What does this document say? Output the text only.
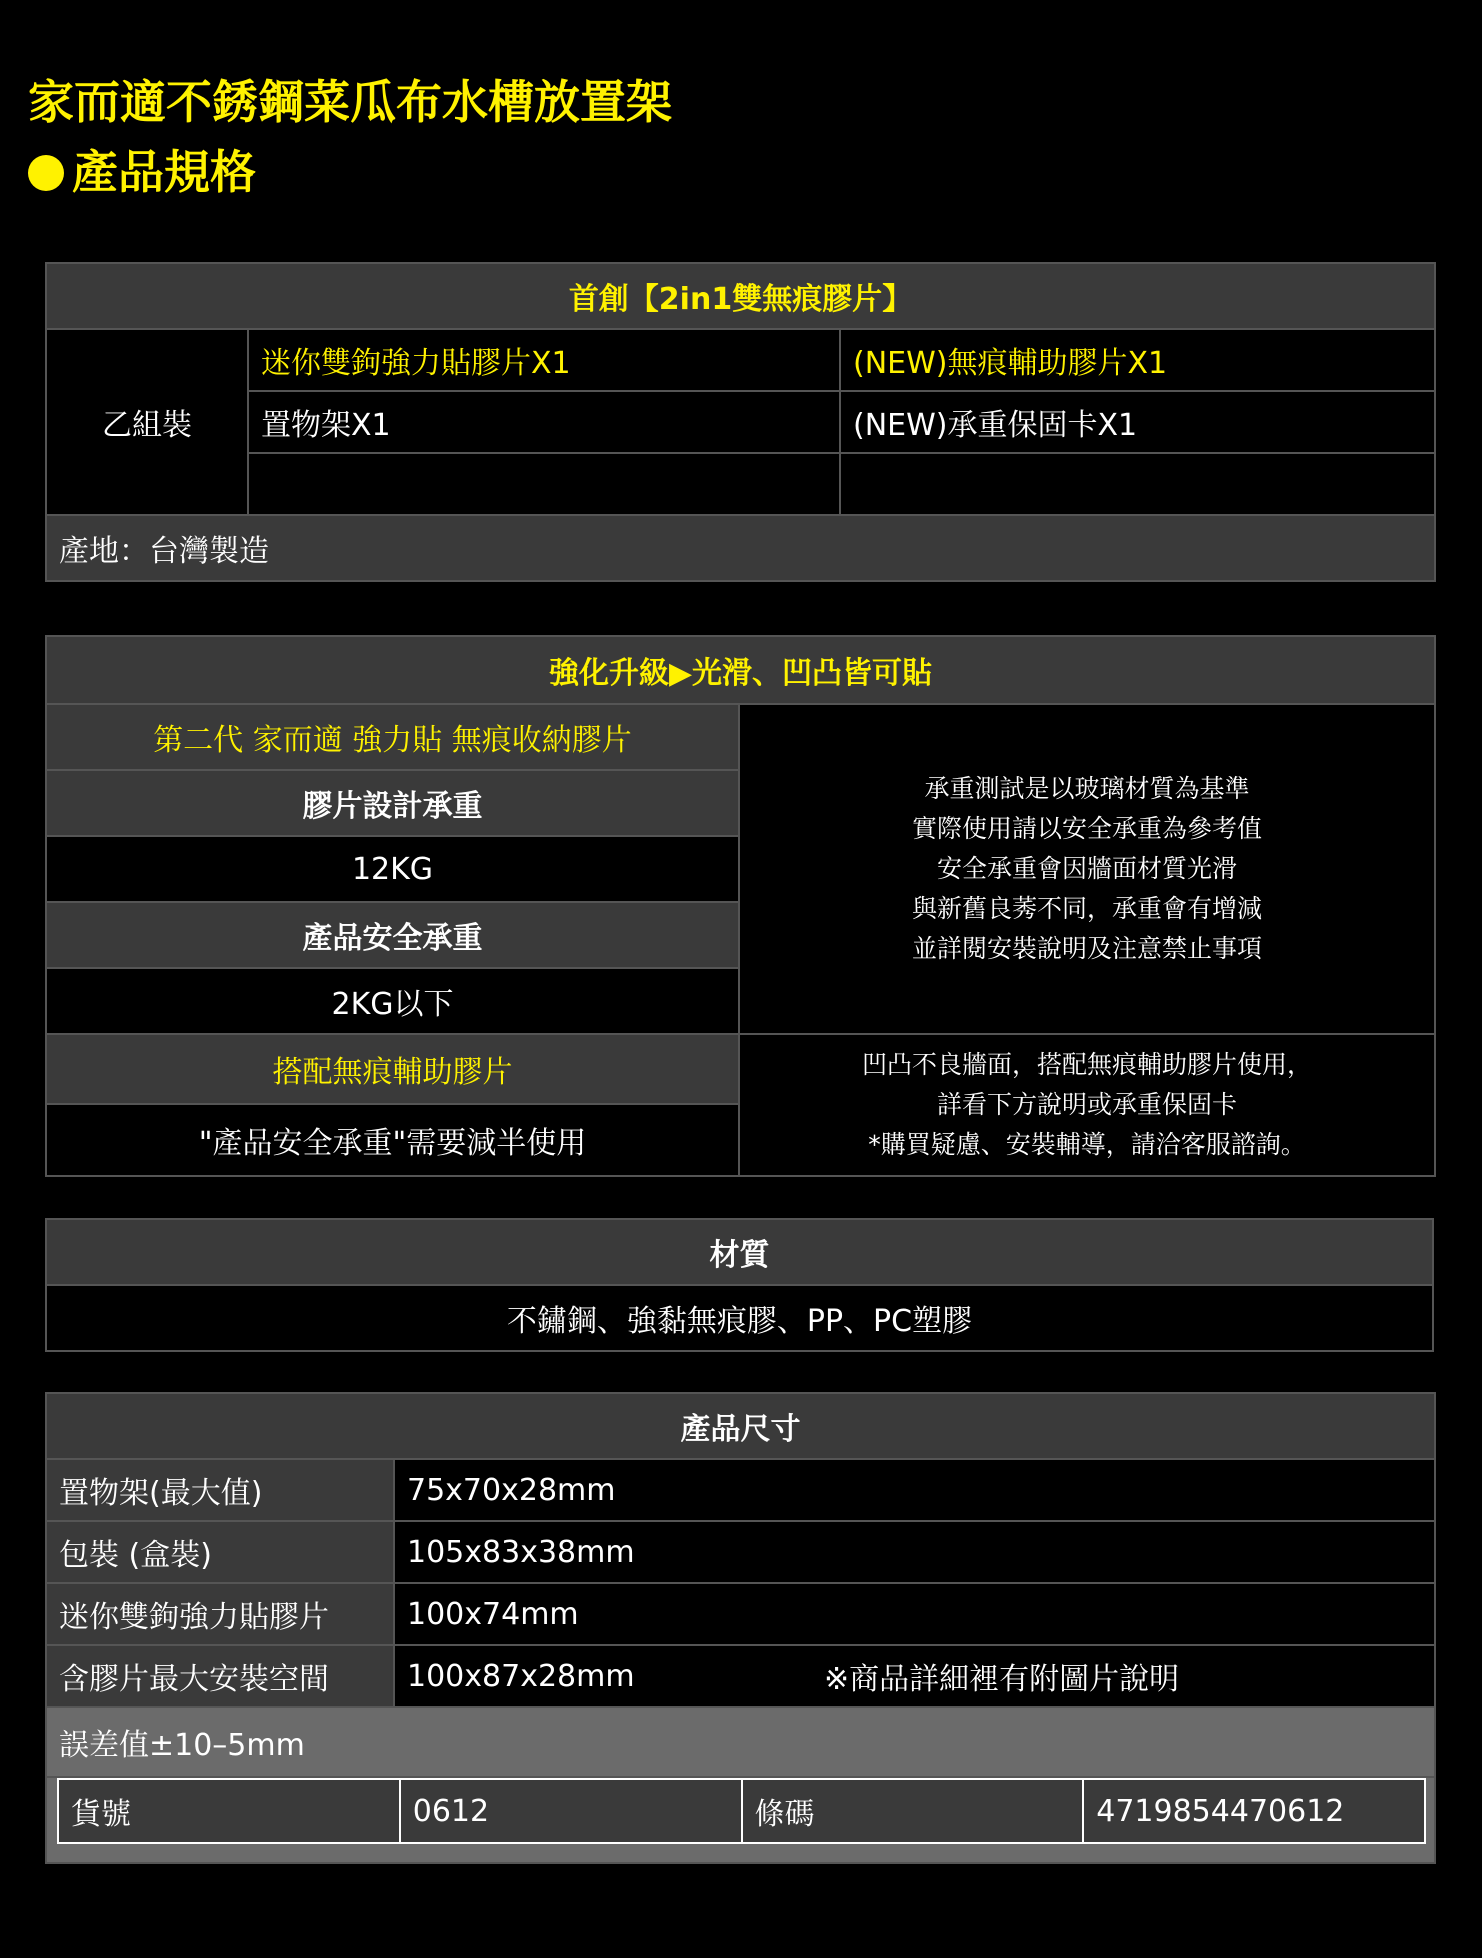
家而適不銹鋼菜瓜布水槽放置架
產品規格
首創【2in1雙無痕膠片】		
乙組裝	迷你雙鉤強力貼膠片X1	(NEW)無痕輔助膠片X1
	置物架X1	(NEW)承重保固卡X1

產地：台灣製造		
強化升級▶光滑、凹凸皆可貼	
第二代 家而適 強力貼 無痕收納膠片	承重測試是以玻璃材質為基準
實際使用請以安全承重為參考值
安全承重會因牆面材質光滑
與新舊良莠不同，承重會有增減
並詳閱安裝說明及注意禁止事項

膠片設計承重	
12KG	
產品安全承重	
2KG以下	
搭配無痕輔助膠片	凹凸不良牆面，搭配無痕輔助膠片使用，
詳看下方說明或承重保固卡
*購買疑慮、安裝輔導，請洽客服諮詢。

"產品安全承重"需要減半使用	
材質
不鏽鋼、強黏無痕膠、PP、PC塑膠
產品尺寸
置物架(最大值)	75x70x28mm
包裝 (盒裝)	105x83x38mm
迷你雙鉤強力貼膠片	100x74mm
含膠片最大安裝空間	100x87x28mm	※商品詳細裡有附圖片說明
誤差值±10–5mm

貨號	0612	條碼	4719854470612
